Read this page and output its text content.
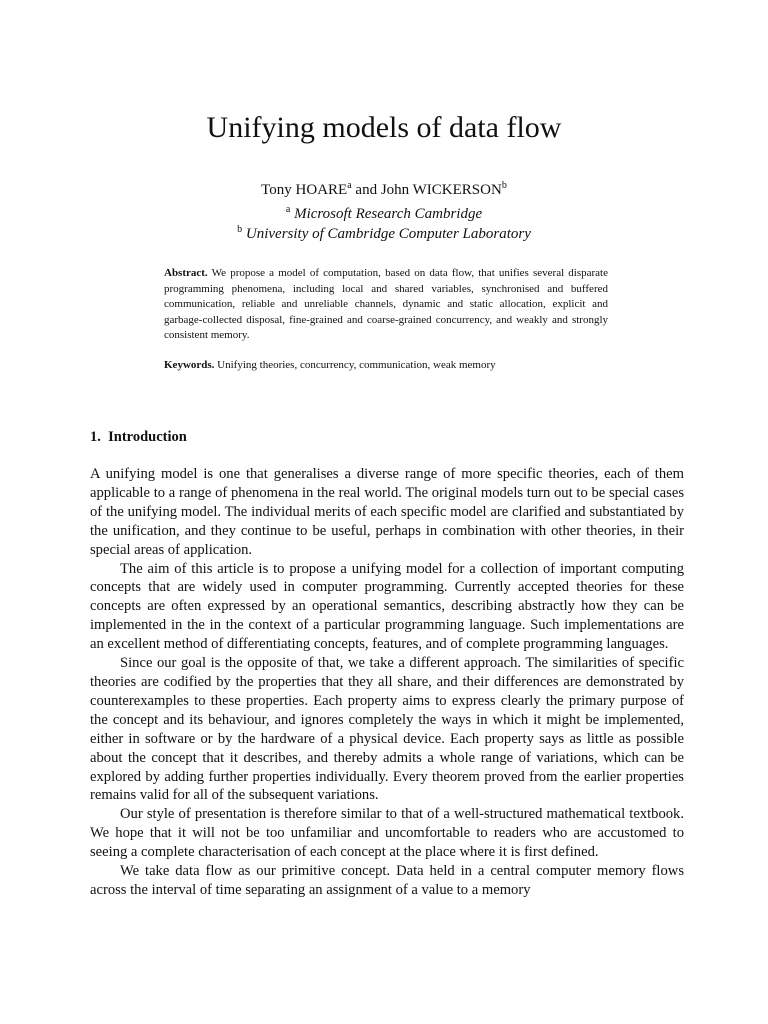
Unifying models of data flow
Tony HOARE$^a$ and John WICKERSON$^b$
$^a$ Microsoft Research Cambridge
$^b$ University of Cambridge Computer Laboratory

Abstract. We propose a model of computation, based on data flow, that unifies several disparate programming phenomena, including local and shared variables, synchronised and buffered communication, reliable and unreliable channels, dynamic and static allocation, explicit and garbage-collected disposal, fine-grained and coarse-grained concurrency, and weakly and strongly consistent memory.

Keywords. Unifying theories, concurrency, communication, weak memory

1.  Introduction

A unifying model is one that generalises a diverse range of more specific theories, each of them applicable to a range of phenomena in the real world. The original models turn out to be special cases of the unifying model. The individual merits of each specific model are clarified and substantiated by the unification, and they continue to be useful, perhaps in combination with other theories, in their special areas of application.

The aim of this article is to propose a unifying model for a collection of important computing concepts that are widely used in computer programming. Currently accepted theories for these concepts are often expressed by an operational semantics, describing abstractly how they can be implemented in the in the context of a particular programming language. Such implementations are an excellent method of differentiating concepts, features, and of complete programming languages.

Since our goal is the opposite of that, we take a different approach. The similarities of specific theories are codified by the properties that they all share, and their differences are demonstrated by counterexamples to these properties. Each property aims to express clearly the primary purpose of the concept and its behaviour, and ignores completely the ways in which it might be implemented, either in software or by the hardware of a physical device. Each property says as little as possible about the concept that it describes, and thereby admits a whole range of variations, which can be explored by adding further properties individually. Every theorem proved from the earlier properties remains valid for all of the subsequent variations.

Our style of presentation is therefore similar to that of a well-structured mathematical textbook. We hope that it will not be too unfamiliar and uncomfortable to readers who are accustomed to seeing a complete characterisation of each concept at the place where it is first defined.

We take data flow as our primitive concept. Data held in a central computer memory flows across the interval of time separating an assignment of a value to a memory
